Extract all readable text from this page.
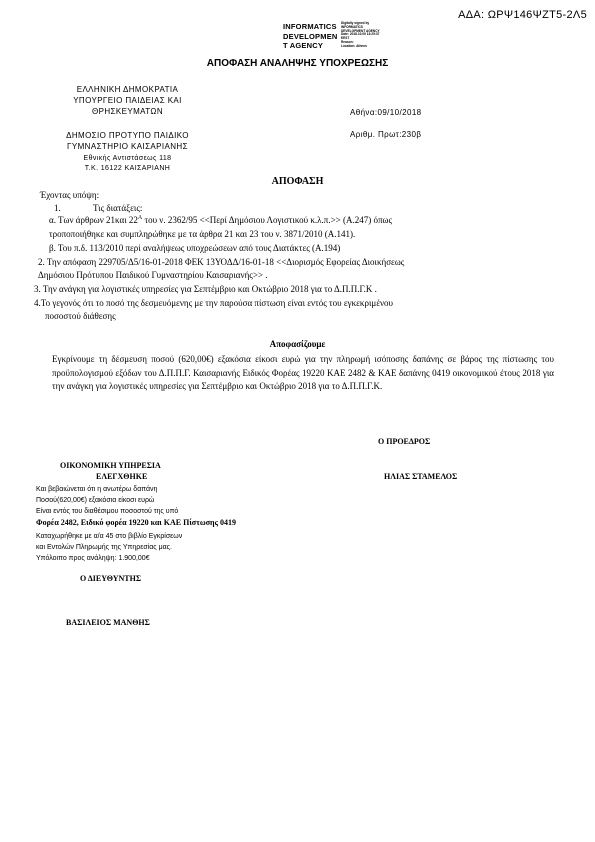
ΑΔΑ: ΩΡΨ146ΨΖΤ5-2Λ5
INFORMATICS
DEVELOPMEN
T AGENCY
Digitally signed by
INFORMATICS
DEVELOPMENT AGENCY
Date: 2018.10.09 13:25:37
EEST
Reason:
Location: Athens
ΑΠΟΦΑΣΗ ΑΝΑΛΗΨΗΣ ΥΠΟΧΡΕΩΣΗΣ
ΕΛΛΗΝΙΚΗ ΔΗΜΟΚΡΑΤΙΑ
ΥΠΟΥΡΓΕΙΟ ΠΑΙΔΕΙΑΣ ΚΑΙ
ΘΡΗΣΚΕΥΜΑΤΩΝ	Αθήνα:09/10/2018
ΔΗΜΟΣΙΟ ΠΡΟΤΥΠΟ ΠΑΙΔΙΚΟ
ΓΥΜΝΑΣΤΗΡΙΟ ΚΑΙΣΑΡΙΑΝΗΣ
Αριθμ. Πρωτ:230β
Εθνικής Αντιστάσεως 118
Τ.Κ. 16122 ΚΑΙΣΑΡΙΑΝΗ
ΑΠΟΦΑΣΗ
Έχοντας υπόψη:
1.	Τις διατάξεις:
α. Των άρθρων 21και $22^A$ του ν. 2362/95 <<Περί Δημόσιου Λογιστικού κ.λ.π.>> (Α.247) όπως
τροποποιήθηκε και συμπληρώθηκε με τα άρθρα 21 και 23 του ν. 3871/2010 (Α.141).
β. Του π.δ. 113/2010 περί αναλήψεως υποχρεώσεων από τους Διατάκτες (Α.194)
2. Την απόφαση 229705/Δ5/16-01-2018 ΦΕΚ 13ΥΟΔΔ/16-01-18 <<Διορισμός Εφορείας Διοικήσεως
Δημόσιου Πρότυπου Παιδικού Γυμναστηρίου Καισαριανής>> .
3. Την ανάγκη για λογιστικές υπηρεσίες για Σεπτέμβριο και Οκτώβριο 2018 για το Δ.Π.Π.Γ.Κ .
4.Το γεγονός ότι το ποσό της δεσμευόμενης με την παρούσα πίστωση είναι εντός του εγκεκριμένου
ποσοστού διάθεσης
Αποφασίζουμε
Εγκρίνουμε τη δέσμευση ποσού (620,00€) εξακόσια είκοσι ευρώ για την πληρωμή ισόποσης δαπάνης σε βάρος της πίστωσης του προϋπολογισμού εξόδων του Δ.Π.Π.Γ. Καισαριανής Ειδικός Φορέας 19220 ΚΑΕ 2482 & ΚΑΕ δαπάνης 0419 οικονομικού έτους 2018 για την ανάγκη για λογιστικές υπηρεσίες για Σεπτέμβριο και Οκτώβριο 2018 για το Δ.Π.Π.Γ.Κ.
Ο ΠΡΟΕΔΡΟΣ
ΗΛΙΑΣ ΣΤΑΜΕΛΟΣ
ΟΙΚΟΝΟΜΙΚΗ ΥΠΗΡΕΣΙΑ
ΕΛΕΓΧΘΗΚΕ
Και βεβαιώνεται ότι η ανωτέρω δαπάνη
Ποσού(620,00€) εξακόσια είκοσι ευρώ
Είναι εντός του διαθέσιμου ποσοστού της υπό
Φορέα 2482, Ειδικό φορέα 19220 και ΚΑΕ Πίστωσης 0419
Καταχωρήθηκε με α/α 45 στο βιβλίο Εγκρίσεων
και Εντολών Πληρωμής της Υπηρεσίας μας.
Υπόλοιπο προς ανάληψη: 1.900,00€
Ο ΔΙΕΥΘΥΝΤΗΣ
ΒΑΣΙΛΕΙΟΣ ΜΑΝΘΗΣ
